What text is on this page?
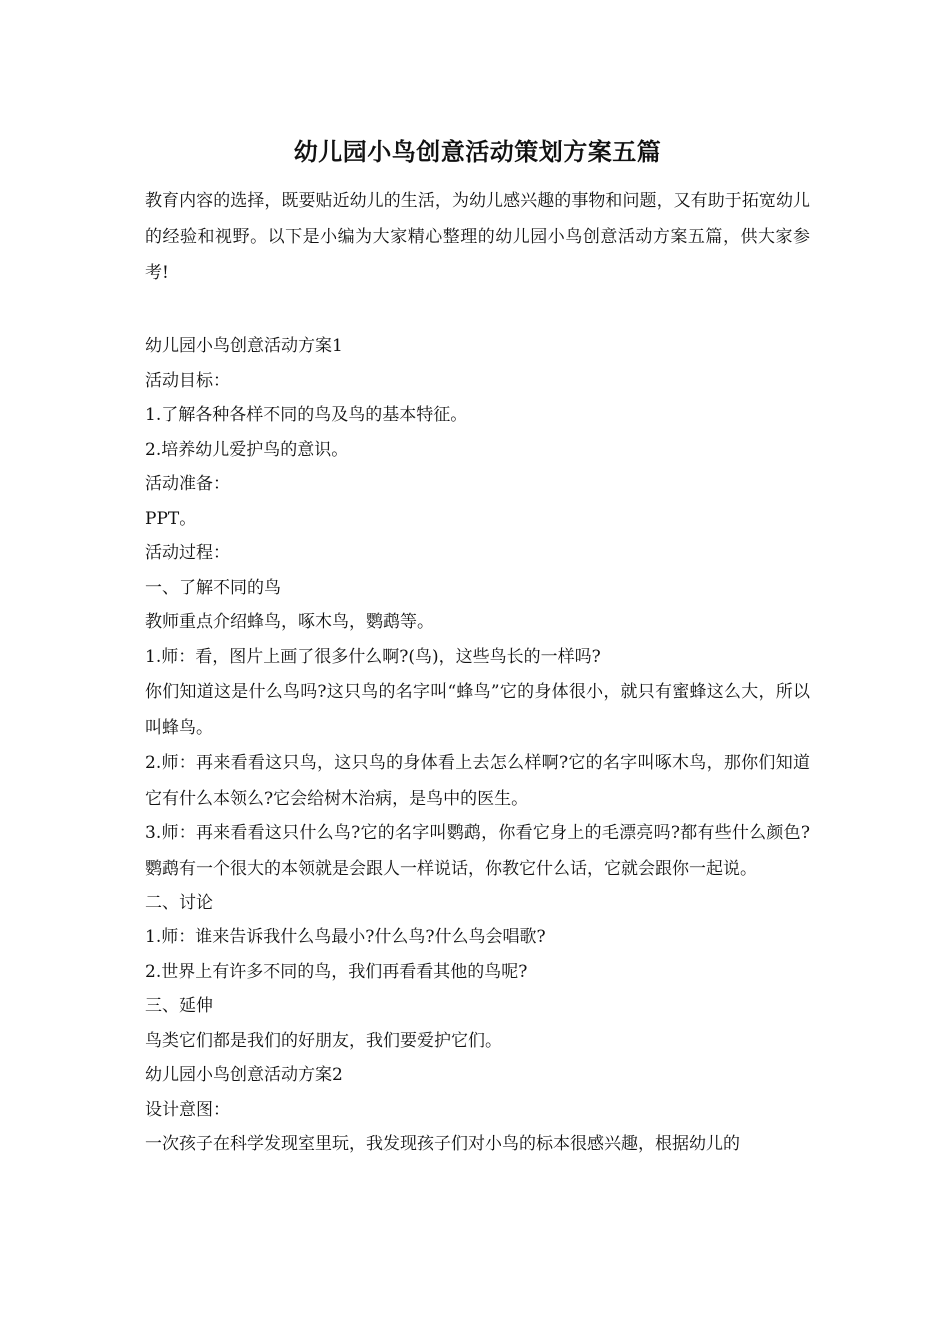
幼儿园小鸟创意活动策划方案五篇
教育内容的选择，既要贴近幼儿的生活，为幼儿感兴趣的事物和问题，又有助于拓宽幼儿的经验和视野。以下是小编为大家精心整理的幼儿园小鸟创意活动方案五篇，供大家参考!
幼儿园小鸟创意活动方案1
活动目标：
1.了解各种各样不同的鸟及鸟的基本特征。
2.培养幼儿爱护鸟的意识。
活动准备：
PPT。
活动过程：
一、了解不同的鸟
教师重点介绍蜂鸟，啄木鸟，鹦鹉等。
1.师：看，图片上画了很多什么啊?(鸟)，这些鸟长的一样吗?
你们知道这是什么鸟吗?这只鸟的名字叫“蜂鸟”它的身体很小，就只有蜜蜂这么大，所以叫蜂鸟。
2.师：再来看看这只鸟，这只鸟的身体看上去怎么样啊?它的名字叫啄木鸟，那你们知道它有什么本领么?它会给树木治病，是鸟中的医生。
3.师：再来看看这只什么鸟?它的名字叫鹦鹉，你看它身上的毛漂亮吗?都有些什么颜色?鹦鹉有一个很大的本领就是会跟人一样说话，你教它什么话，它就会跟你一起说。
二、讨论
1.师：谁来告诉我什么鸟最小?什么鸟?什么鸟会唱歌?
2.世界上有许多不同的鸟，我们再看看其他的鸟呢?
三、延伸
鸟类它们都是我们的好朋友，我们要爱护它们。
幼儿园小鸟创意活动方案2
设计意图：
一次孩子在科学发现室里玩，我发现孩子们对小鸟的标本很感兴趣，根据幼儿的
